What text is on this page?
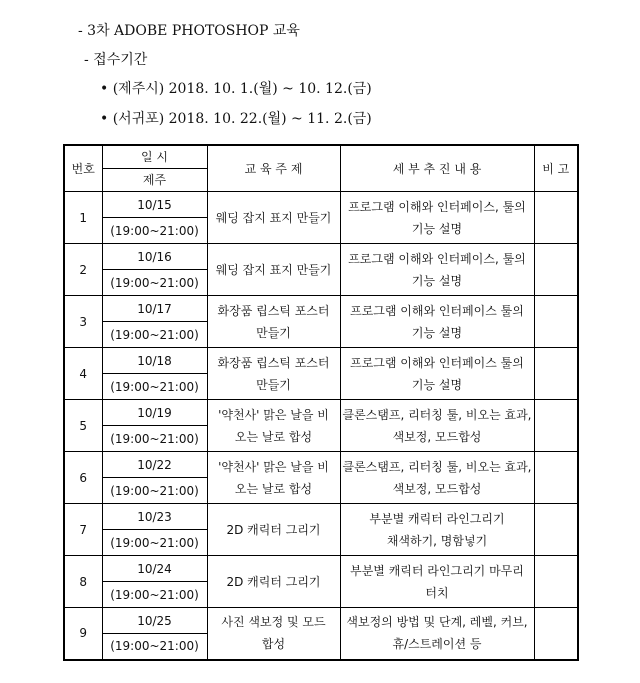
- 3차 ADOBE PHOTOSHOP 교육
- 접수기간
• (제주시) 2018. 10. 1.(월) ~ 10. 12.(금)
• (서귀포) 2018. 10. 22.(월) ~ 11. 2.(금)
번호	일 시	교 육 주 제	세 부 추 진 내 용	비 고
	제주			
1	10/15	웨딩 잡지 표지 만들기	프로그램 이해와 인터페이스, 툴의 기능 설명	
	(19:00~21:00)			
2	10/16	웨딩 잡지 표지 만들기	프로그램 이해와 인터페이스, 툴의 기능 설명	
	(19:00~21:00)			
3	10/17	화장품 립스틱 포스터 만들기	프로그램 이해와 인터페이스 툴의 기능 설명	
	(19:00~21:00)			
4	10/18	화장품 립스틱 포스터 만들기	프로그램 이해와 인터페이스 툴의 기능 설명	
	(19:00~21:00)			
5	10/19	'약천사' 맑은 날을 비 오는 날로 합성	클론스탬프, 리터칭 툴, 비오는 효과, 색보정, 모드합성	
	(19:00~21:00)			
6	10/22	'약천사' 맑은 날을 비 오는 날로 합성	클론스탬프, 리터칭 툴, 비오는 효과, 색보정, 모드합성	
	(19:00~21:00)			
7	10/23	2D 캐릭터 그리기	부분별 캐릭터 라인그리기 채색하기, 명함넣기	
	(19:00~21:00)			
8	10/24	2D 캐릭터 그리기	부분별 캐릭터 라인그리기 마무리 터치	
	(19:00~21:00)			
9	10/25	사진 색보정 및 모드 합성	색보정의 방법 및 단계, 레벨, 커브, 휴/스트레이션 등	
	(19:00~21:00)			
